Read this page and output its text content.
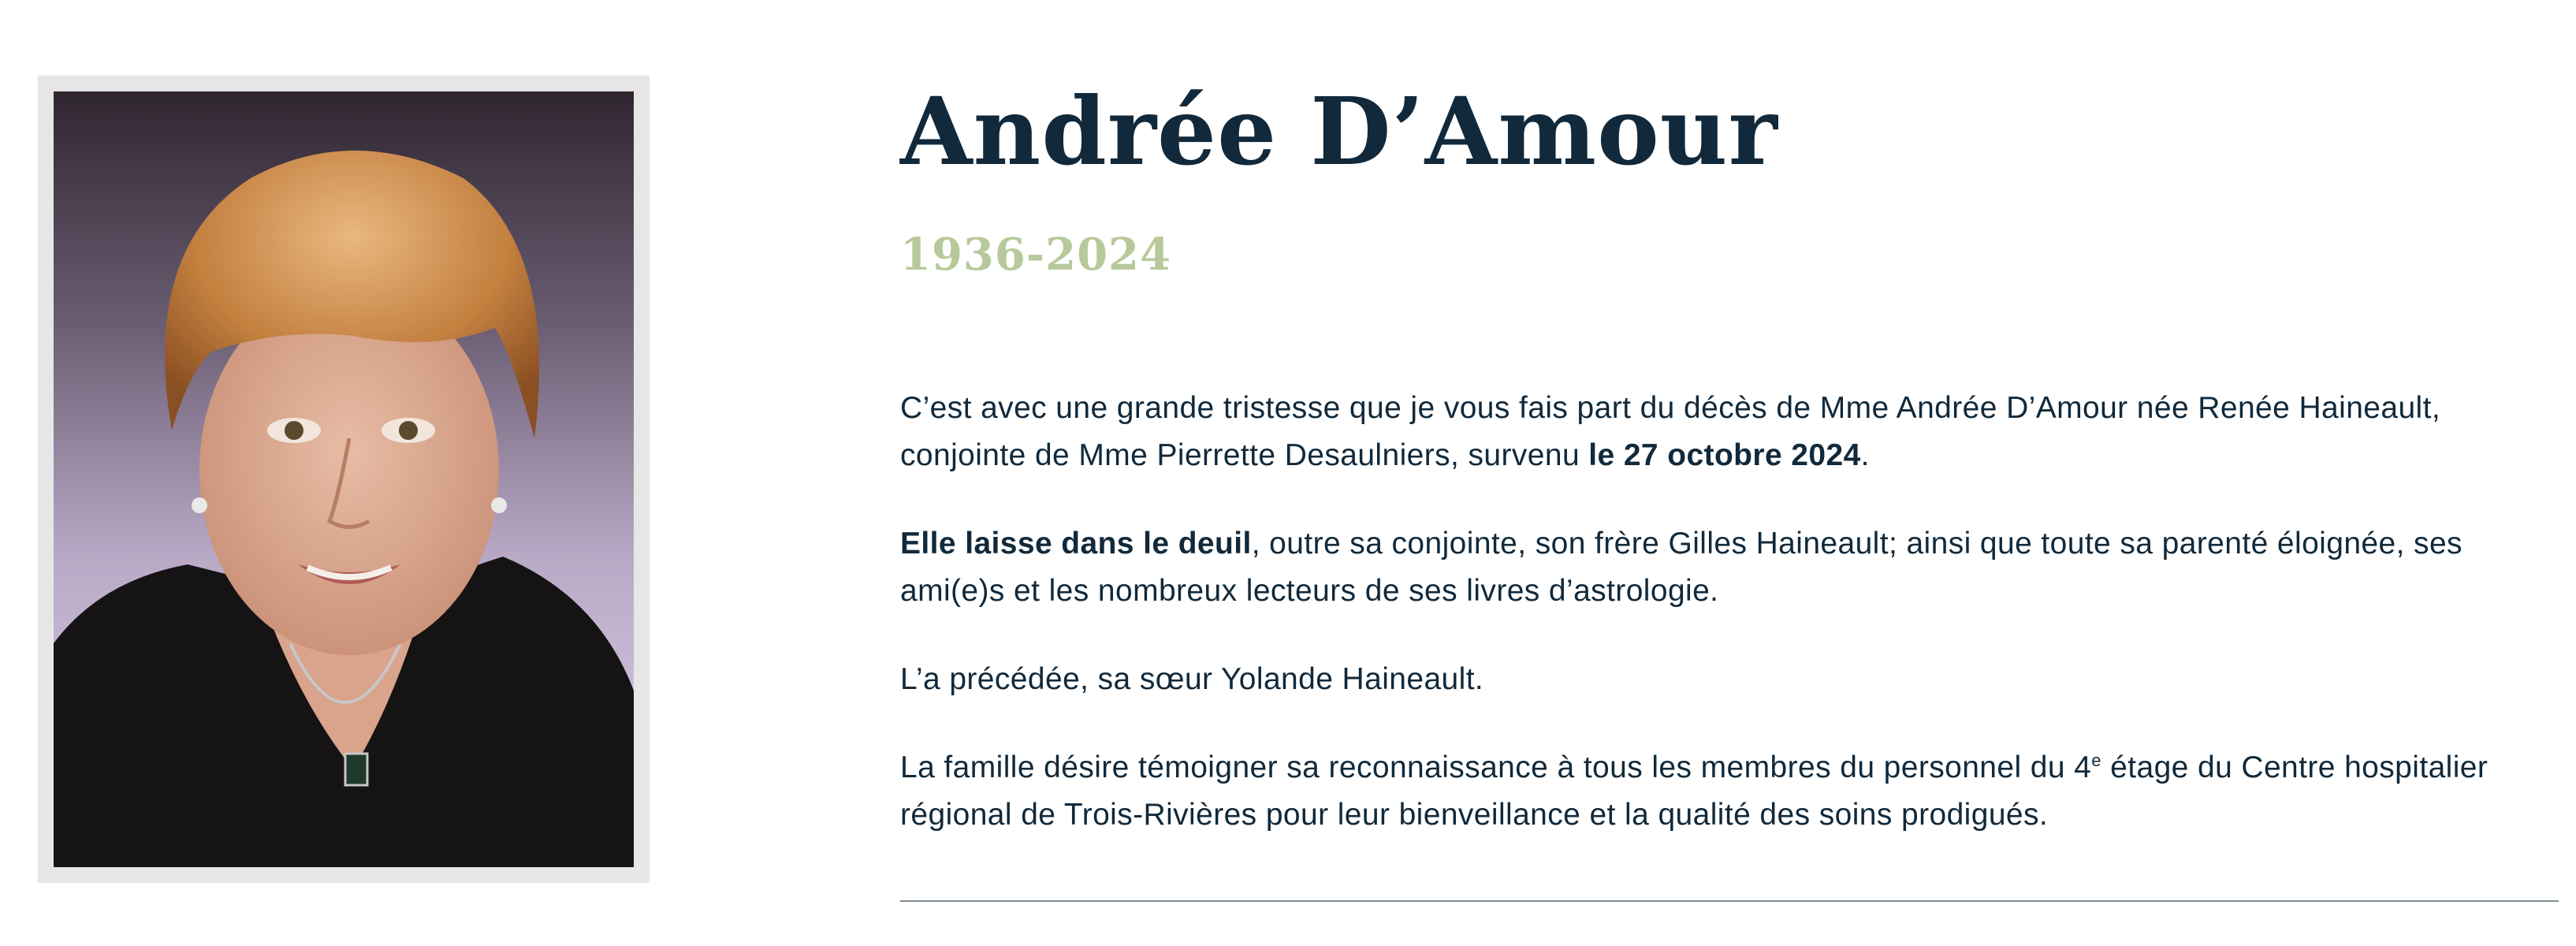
Andrée D’Amour
1936-2024

C’est avec une grande tristesse que je vous fais part du décès de Mme Andrée D’Amour née Renée Haineault, conjointe de Mme Pierrette Desaulniers, survenu le 27 octobre 2024.

Elle laisse dans le deuil, outre sa conjointe, son frère Gilles Haineault; ainsi que toute sa parenté éloignée, ses ami(e)s et les nombreux lecteurs de ses livres d’astrologie.

L’a précédée, sa sœur Yolande Haineault.

La famille désire témoigner sa reconnaissance à tous les membres du personnel du 4e étage du Centre hospitalier régional de Trois-Rivières pour leur bienveillance et la qualité des soins prodigués.
